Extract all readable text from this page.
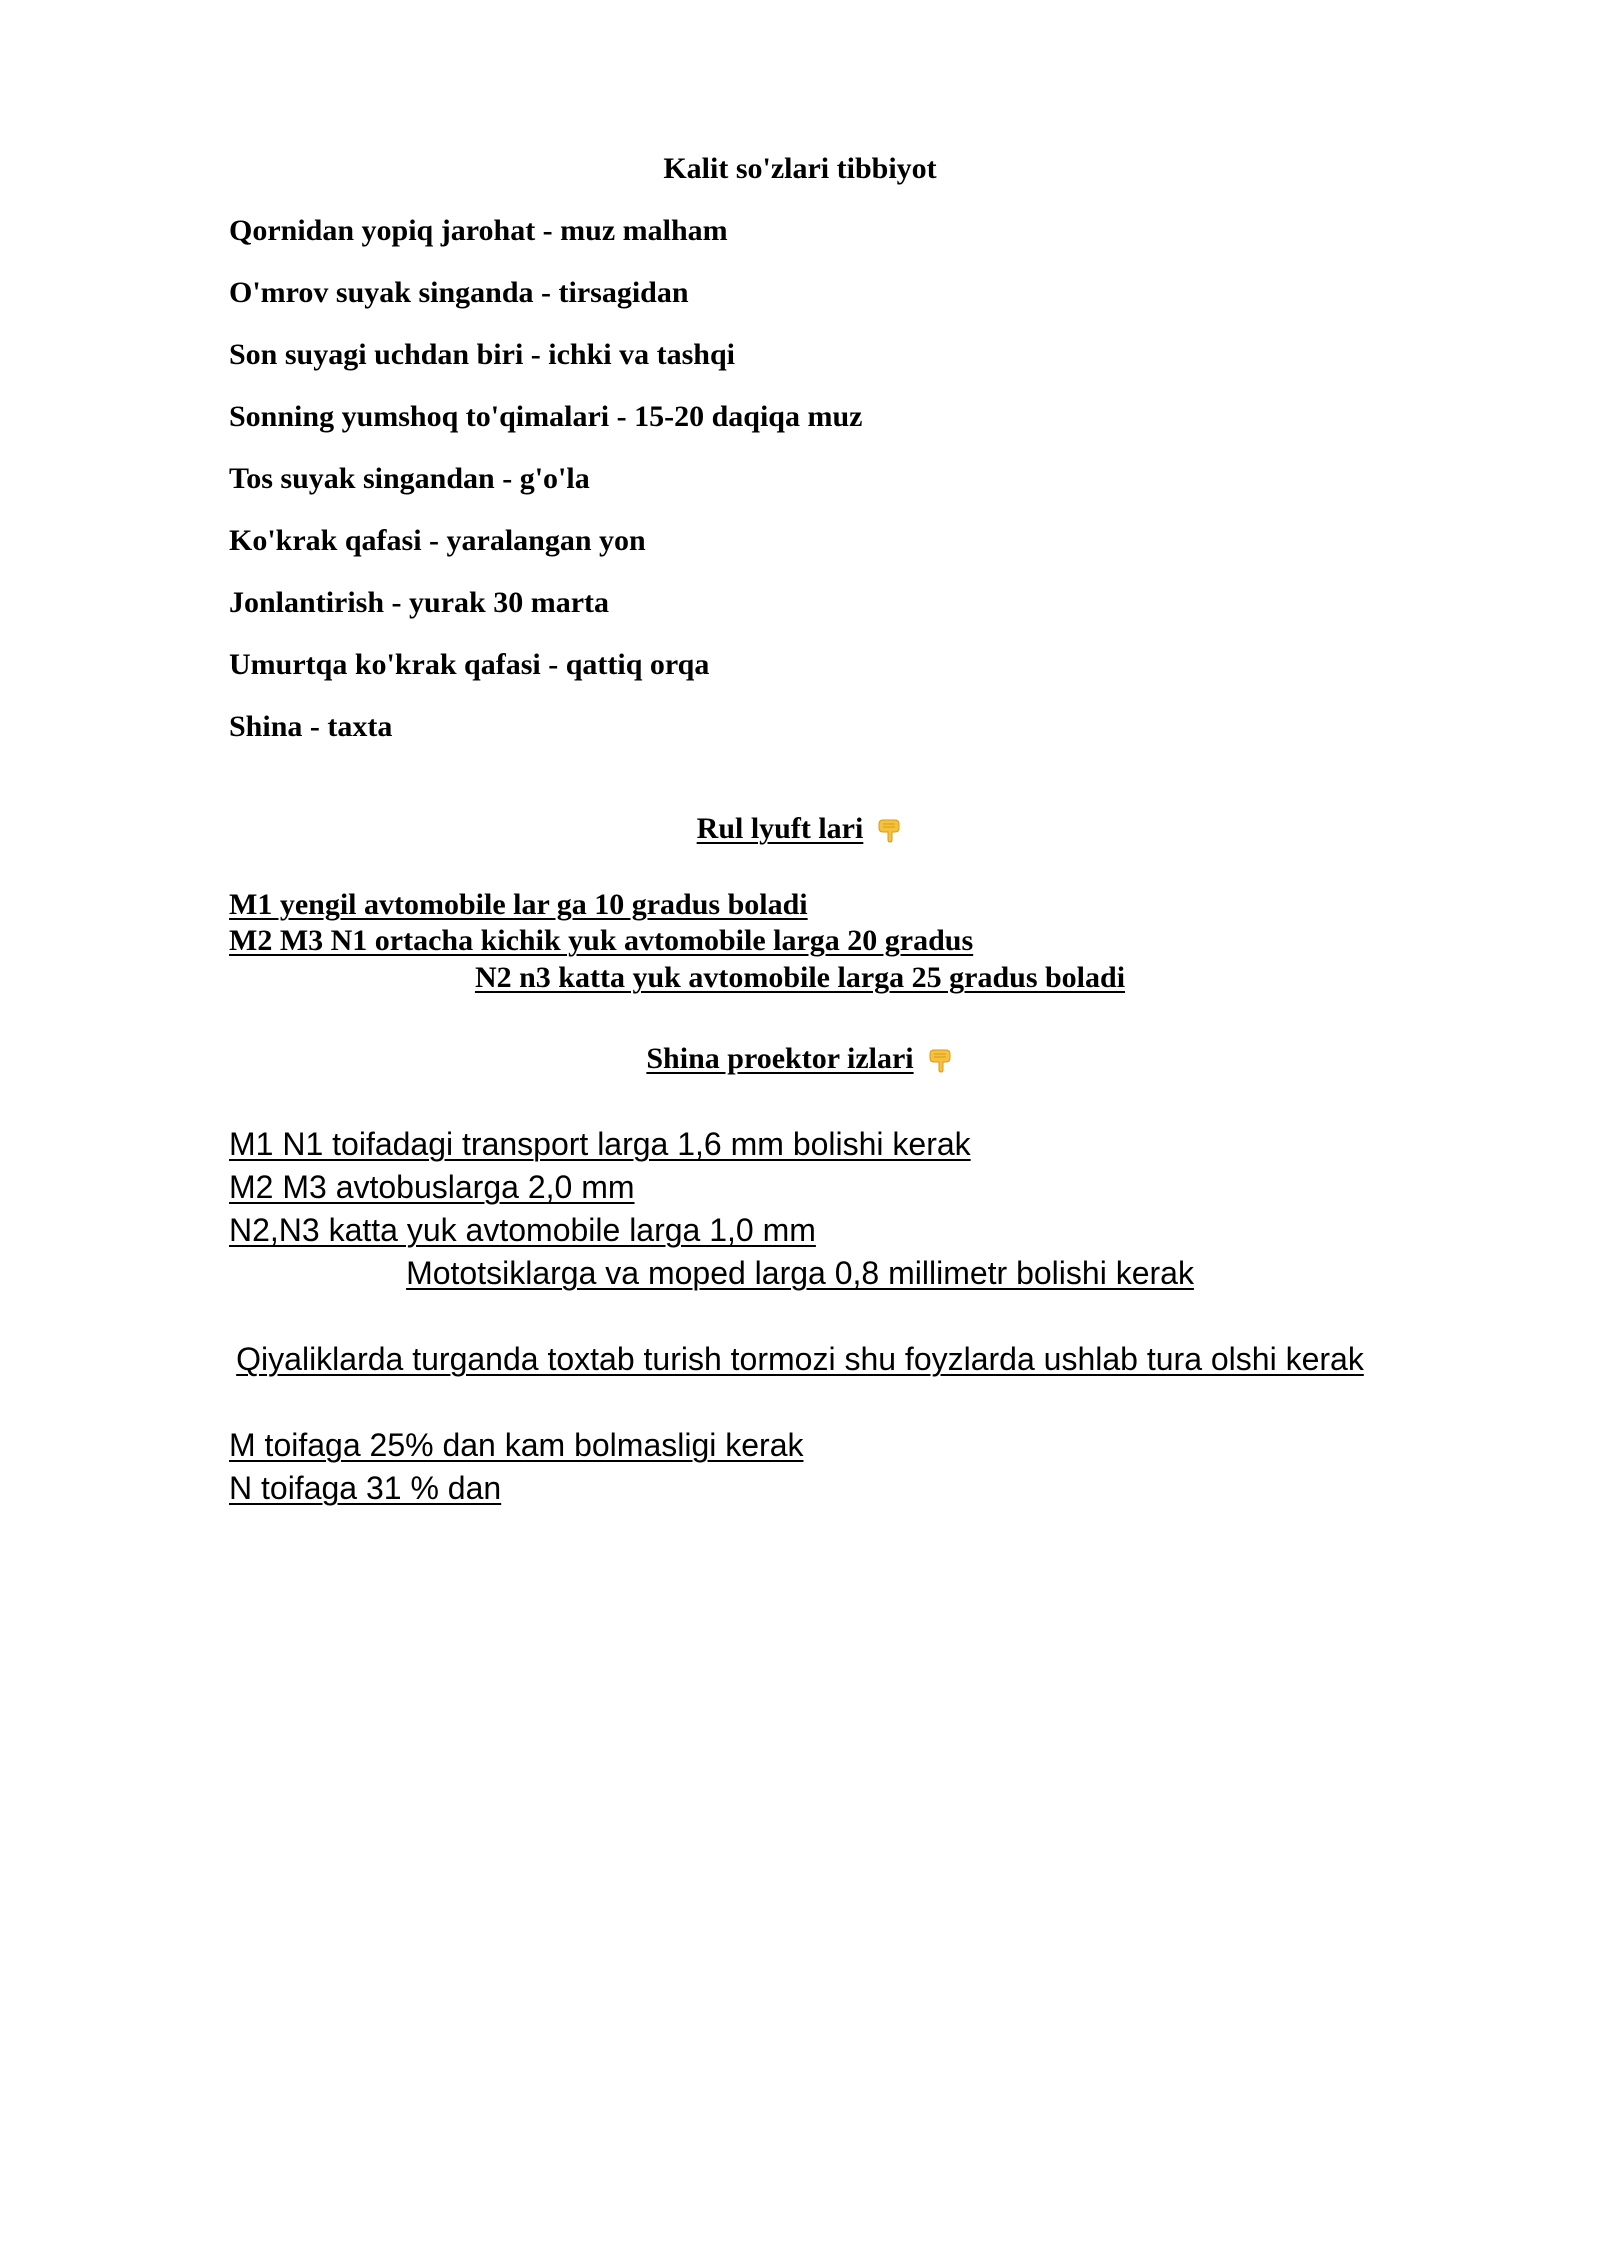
Kalit so'zlari tibbiyot
Qornidan yopiq jarohat - muz malham
O'mrov suyak singanda - tirsagidan
Son suyagi uchdan biri - ichki va tashqi
Sonning yumshoq to'qimalari - 15-20 daqiqa muz
Tos suyak singandan - g'o'la
Ko'krak qafasi - yaralangan yon
Jonlantirish - yurak 30 marta
Umurtqa ko'krak qafasi - qattiq orqa
Shina - taxta
Rul lyuft lari
M1 yengil avtomobile lar ga 10 gradus boladi
M2 M3 N1 ortacha kichik yuk avtomobile larga 20 gradus
N2 n3 katta yuk avtomobile larga 25 gradus boladi
Shina proektor izlari
M1 N1 toifadagi transport larga 1,6 mm bolishi kerak
M2 M3 avtobuslarga 2,0 mm
N2,N3 katta yuk avtomobile larga 1,0 mm
Mototsiklarga va moped larga 0,8 millimetr bolishi kerak
Qiyaliklarda turganda toxtab turish tormozi shu foyzlarda ushlab tura olshi kerak
M toifaga 25% dan kam bolmasligi kerak
N toifaga 31 % dan
